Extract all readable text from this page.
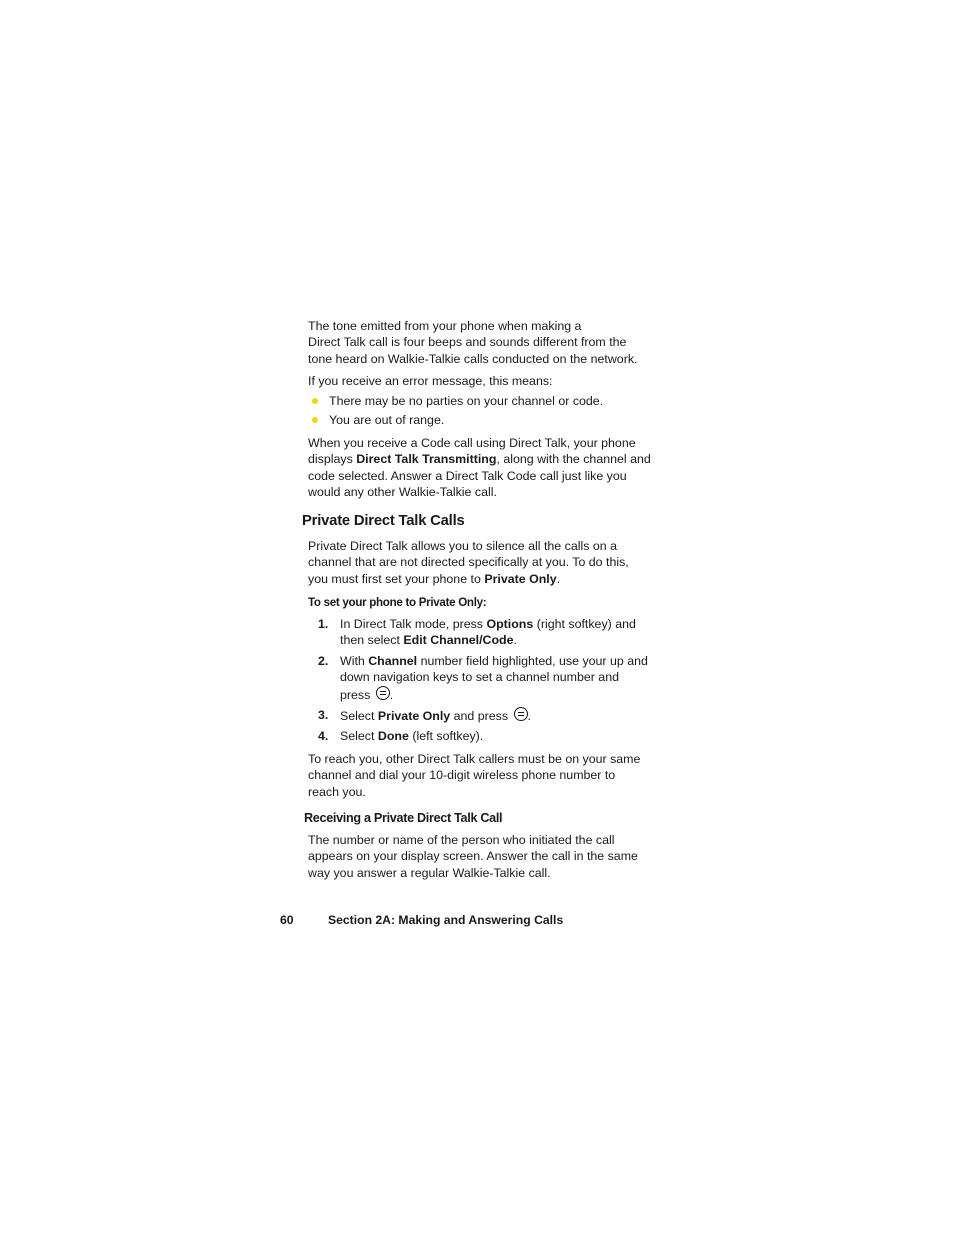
The tone emitted from your phone when making a
Direct Talk call is four beeps and sounds different from the
tone heard on Walkie-Talkie calls conducted on the network.

If you receive an error message, this means:

There may be no parties on your channel or code.
You are out of range.

When you receive a Code call using Direct Talk, your phone
displays Direct Talk Transmitting, along with the channel and
code selected. Answer a Direct Talk Code call just like you
would any other Walkie-Talkie call.

Private Direct Talk Calls

Private Direct Talk allows you to silence all the calls on a
channel that are not directed specifically at you. To do this,
you must first set your phone to Private Only.

To set your phone to Private Only:
1. In Direct Talk mode, press Options (right softkey) and
then select Edit Channel/Code.
2. With Channel number field highlighted, use your up and
down navigation keys to set a channel number and
press .
3. Select Private Only and press .
4. Select Done (left softkey).

To reach you, other Direct Talk callers must be on your same
channel and dial your 10-digit wireless phone number to
reach you.

Receiving a Private Direct Talk Call

The number or name of the person who initiated the call
appears on your display screen. Answer the call in the same
way you answer a regular Walkie-Talkie call.

60	Section 2A: Making and Answering Calls
